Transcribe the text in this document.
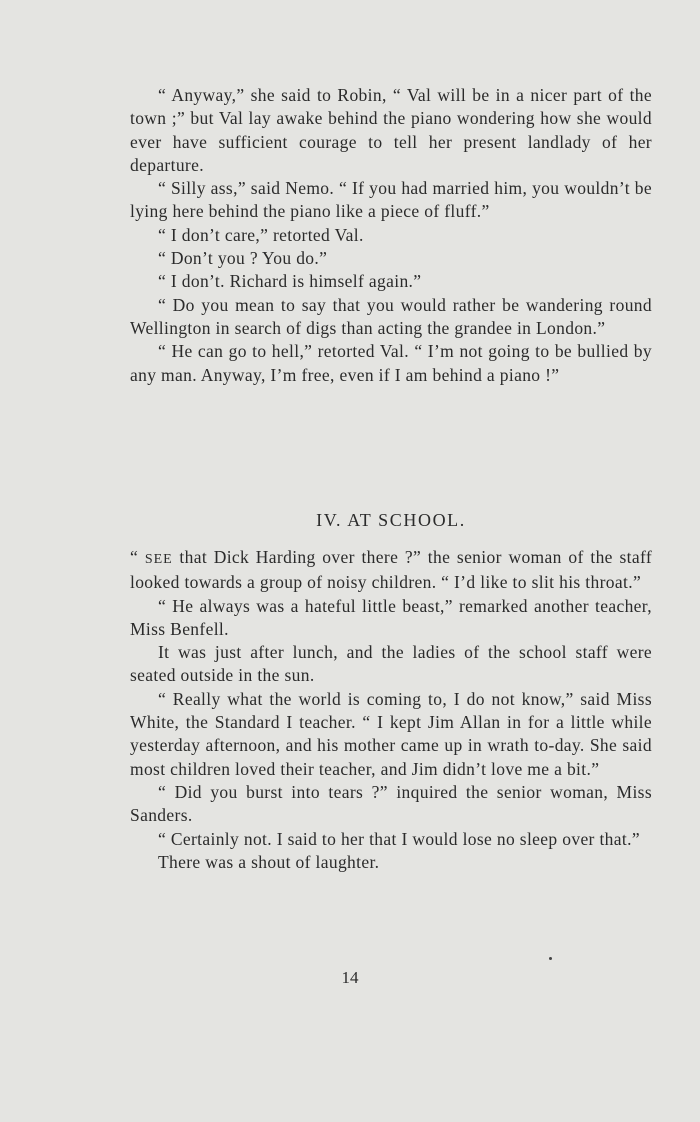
“ Anyway,” she said to Robin, “ Val will be in a nicer part of the town ;” but Val lay awake behind the piano wondering how she would ever have sufficient courage to tell her present landlady of her departure.

“ Silly ass,” said Nemo. “ If you had married him, you wouldn’t be lying here behind the piano like a piece of fluff.”

“ I don’t care,” retorted Val.

“ Don’t you ? You do.”

“ I don’t. Richard is himself again.”

“ Do you mean to say that you would rather be wandering round Wellington in search of digs than acting the grandee in London.”

“ He can go to hell,” retorted Val. “ I’m not going to be bullied by any man. Anyway, I’m free, even if I am behind a piano !”

IV. AT SCHOOL.

“ SEE that Dick Harding over there ?” the senior woman of the staff looked towards a group of noisy children. “ I’d like to slit his throat.”

“ He always was a hateful little beast,” remarked another teacher, Miss Benfell.

It was just after lunch, and the ladies of the school staff were seated outside in the sun.

“ Really what the world is coming to, I do not know,” said Miss White, the Standard I teacher. “ I kept Jim Allan in for a little while yesterday afternoon, and his mother came up in wrath to-day. She said most children loved their teacher, and Jim didn’t love me a bit.”

“ Did you burst into tears ?” inquired the senior woman, Miss Sanders.

“ Certainly not. I said to her that I would lose no sleep over that.”

There was a shout of laughter.

14
